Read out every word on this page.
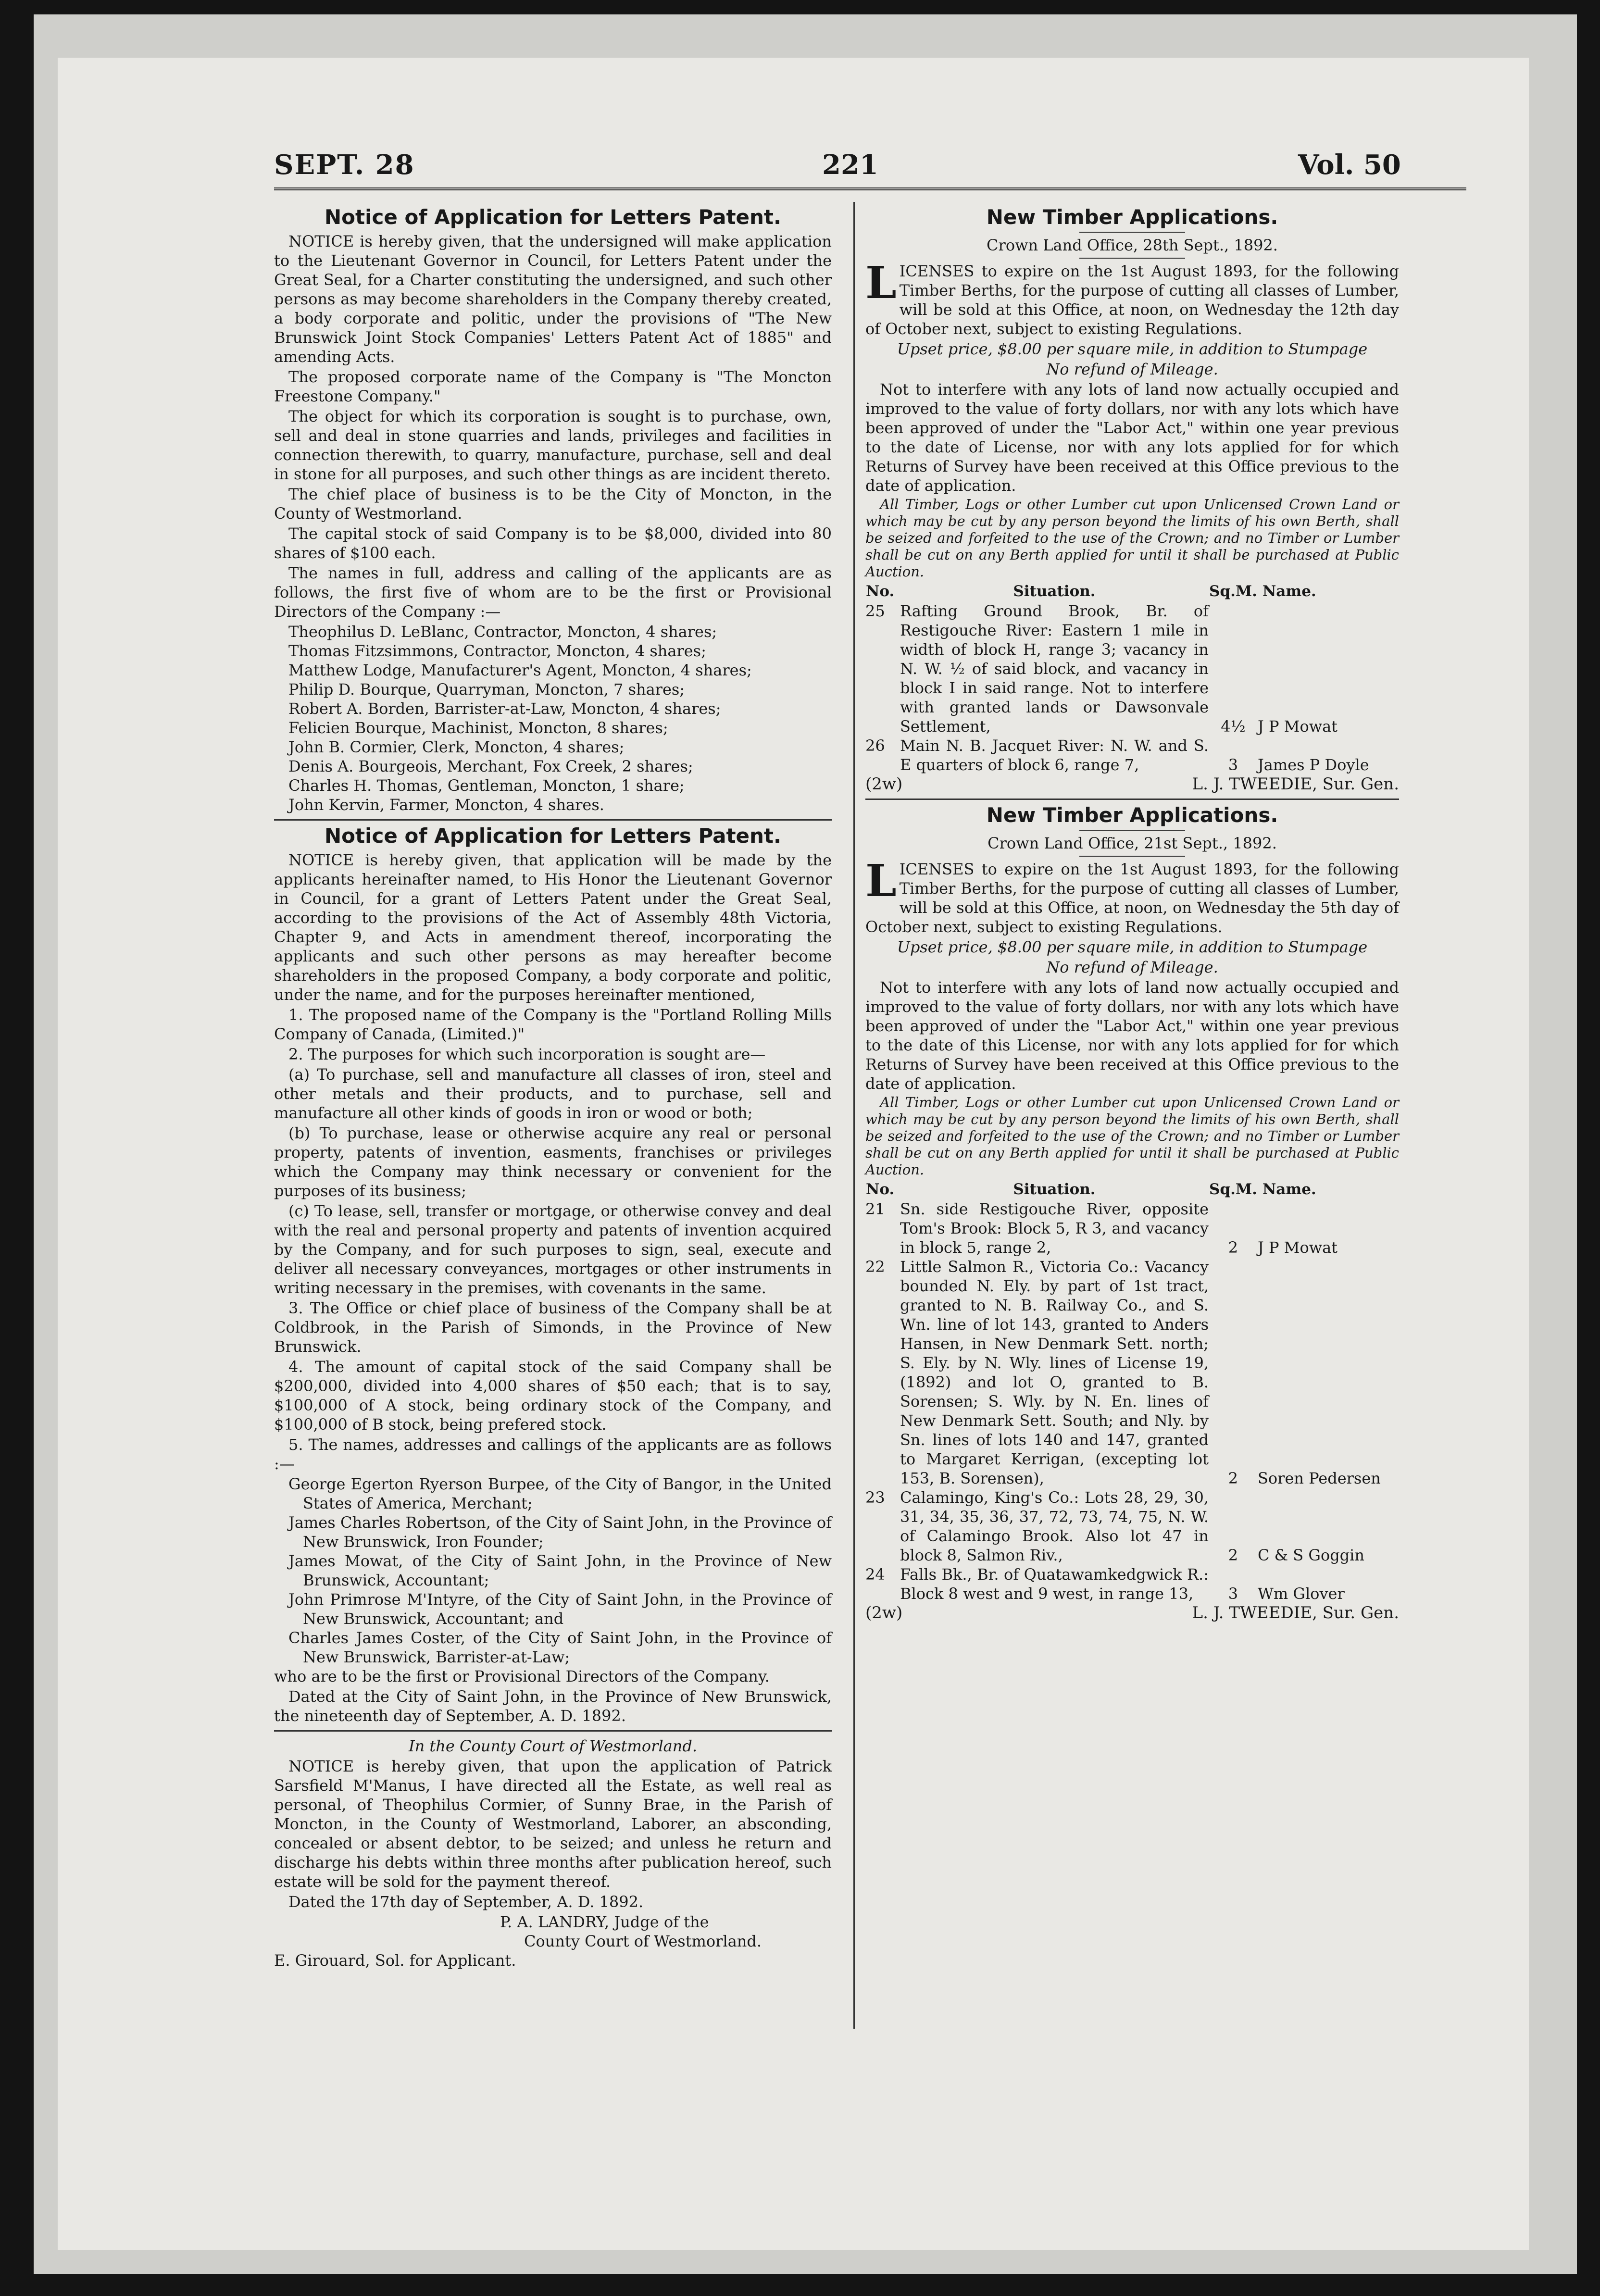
SEPT. 28	221	Vol. 50
Notice of Application for Letters Patent.

NOTICE is hereby given, that the undersigned will make application to the Lieutenant Governor in Council, for Letters Patent under the Great Seal, for a Charter constituting the undersigned, and such other persons as may become shareholders in the Company thereby created, a body corporate and politic, under the provisions of "The New Brunswick Joint Stock Companies' Letters Patent Act of 1885" and amending Acts.

The proposed corporate name of the Company is "The Moncton Freestone Company."

The object for which its corporation is sought is to purchase, own, sell and deal in stone quarries and lands, privileges and facilities in connection therewith, to quarry, manufacture, purchase, sell and deal in stone for all purposes, and such other things as are incident thereto.

The chief place of business is to be the City of Moncton, in the County of Westmorland.

The capital stock of said Company is to be $8,000, divided into 80 shares of $100 each.

The names in full, address and calling of the applicants are as follows, the first five of whom are to be the first or Provisional Directors of the Company :—

Theophilus D. LeBlanc, Contractor, Moncton, 4 shares;
Thomas Fitzsimmons, Contractor, Moncton, 4 shares;
Matthew Lodge, Manufacturer's Agent, Moncton, 4 shares;
Philip D. Bourque, Quarryman, Moncton, 7 shares;
Robert A. Borden, Barrister-at-Law, Moncton, 4 shares;
Felicien Bourque, Machinist, Moncton, 8 shares;
John B. Cormier, Clerk, Moncton, 4 shares;
Denis A. Bourgeois, Merchant, Fox Creek, 2 shares;
Charles H. Thomas, Gentleman, Moncton, 1 share;
John Kervin, Farmer, Moncton, 4 shares.
Notice of Application for Letters Patent.

NOTICE is hereby given, that application will be made by the applicants hereinafter named, to His Honor the Lieutenant Governor in Council, for a grant of Letters Patent under the Great Seal, according to the provisions of the Act of Assembly 48th Victoria, Chapter 9, and Acts in amendment thereof, incorporating the applicants and such other persons as may hereafter become shareholders in the proposed Company, a body corporate and politic, under the name, and for the purposes hereinafter mentioned,

1. The proposed name of the Company is the "Portland Rolling Mills Company of Canada, (Limited.)"

2. The purposes for which such incorporation is sought are—

(a) To purchase, sell and manufacture all classes of iron, steel and other metals and their products, and to purchase, sell and manufacture all other kinds of goods in iron or wood or both;

(b) To purchase, lease or otherwise acquire any real or personal property, patents of invention, easments, franchises or privileges which the Company may think necessary or convenient for the purposes of its business;

(c) To lease, sell, transfer or mortgage, or otherwise convey and deal with the real and personal property and patents of invention acquired by the Company, and for such purposes to sign, seal, execute and deliver all necessary conveyances, mortgages or other instruments in writing necessary in the premises, with covenants in the same.

3. The Office or chief place of business of the Company shall be at Coldbrook, in the Parish of Simonds, in the Province of New Brunswick.

4. The amount of capital stock of the said Company shall be $200,000, divided into 4,000 shares of $50 each; that is to say, $100,000 of A stock, being ordinary stock of the Company, and $100,000 of B stock, being prefered stock.

5. The names, addresses and callings of the applicants are as follows :—

George Egerton Ryerson Burpee, of the City of Bangor, in the United States of America, Merchant;
James Charles Robertson, of the City of Saint John, in the Province of New Brunswick, Iron Founder;
James Mowat, of the City of Saint John, in the Province of New Brunswick, Accountant;
John Primrose M'Intyre, of the City of Saint John, in the Province of New Brunswick, Accountant; and
Charles James Coster, of the City of Saint John, in the Province of New Brunswick, Barrister-at-Law;

who are to be the first or Provisional Directors of the Company.

Dated at the City of Saint John, in the Province of New Brunswick, the nineteenth day of September, A. D. 1892.

In the County Court of Westmorland.

NOTICE is hereby given, that upon the application of Patrick Sarsfield M'Manus, I have directed all the Estate, as well real as personal, of Theophilus Cormier, of Sunny Brae, in the Parish of Moncton, in the County of Westmorland, Laborer, an absconding, concealed or absent debtor, to be seized; and unless he return and discharge his debts within three months after publication hereof, such estate will be sold for the payment thereof.

Dated the 17th day of September, A. D. 1892.

P. A. LANDRY, Judge of the
County Court of Westmorland.
E. Girouard, Sol. for Applicant.
New Timber Applications.

Crown Land Office, 28th Sept., 1892.

LICENSES to expire on the 1st August 1893, for the following Timber Berths, for the purpose of cutting all classes of Lumber, will be sold at this Office, at noon, on Wednesday the 12th day of October next, subject to existing Regulations.

Upset price, $8.00 per square mile, in addition to Stumpage

No refund of Mileage.

Not to interfere with any lots of land now actually occupied and improved to the value of forty dollars, nor with any lots which have been approved of under the "Labor Act," within one year previous to the date of License, nor with any lots applied for for which Returns of Survey have been received at this Office previous to the date of application.

All Timber, Logs or other Lumber cut upon Unlicensed Crown Land or which may be cut by any person beyond the limits of his own Berth, shall be seized and forfeited to the use of the Crown; and no Timber or Lumber shall be cut on any Berth applied for until it shall be purchased at Public Auction.

No.	Situation.	Sq.M.	Name.
25	Rafting Ground Brook, Br. of Restigouche River: Eastern 1 mile in width of block H, range 3; vacancy in N. W. ½ of said block, and vacancy in block I in said range. Not to interfere with granted lands or Dawsonvale Settlement,	4½	J P Mowat
26	Main N. B. Jacquet River: N. W. and S. E quarters of block 6, range 7,	3	James P Doyle
(2w)	L. J. TWEEDIE, Sur. Gen.
New Timber Applications.

Crown Land Office, 21st Sept., 1892.

LICENSES to expire on the 1st August 1893, for the following Timber Berths, for the purpose of cutting all classes of Lumber, will be sold at this Office, at noon, on Wednesday the 5th day of October next, subject to existing Regulations.

Upset price, $8.00 per square mile, in addition to Stumpage

No refund of Mileage.

Not to interfere with any lots of land now actually occupied and improved to the value of forty dollars, nor with any lots which have been approved of under the "Labor Act," within one year previous to the date of this License, nor with any lots applied for for which Returns of Survey have been received at this Office previous to the date of application.

All Timber, Logs or other Lumber cut upon Unlicensed Crown Land or which may be cut by any person beyond the limits of his own Berth, shall be seized and forfeited to the use of the Crown; and no Timber or Lumber shall be cut on any Berth applied for until it shall be purchased at Public Auction.

No.	Situation.	Sq.M.	Name.
21	Sn. side Restigouche River, opposite Tom's Brook: Block 5, R 3, and vacancy in block 5, range 2,	2	J P Mowat
22	Little Salmon R., Victoria Co.: Vacancy bounded N. Ely. by part of 1st tract, granted to N. B. Railway Co., and S. Wn. line of lot 143, granted to Anders Hansen, in New Denmark Sett. north; S. Ely. by N. Wly. lines of License 19, (1892) and lot O, granted to B. Sorensen; S. Wly. by N. En. lines of New Denmark Sett. South; and Nly. by Sn. lines of lots 140 and 147, granted to Margaret Kerrigan, (excepting lot 153, B. Sorensen),	2	Soren Pedersen
23	Calamingo, King's Co.: Lots 28, 29, 30, 31, 34, 35, 36, 37, 72, 73, 74, 75, N. W. of Calamingo Brook. Also lot 47 in block 8, Salmon Riv.,	2	C & S Goggin
24	Falls Bk., Br. of Quatawamkedgwick R.: Block 8 west and 9 west, in range 13,	3	Wm Glover
(2w)	L. J. TWEEDIE, Sur. Gen.
